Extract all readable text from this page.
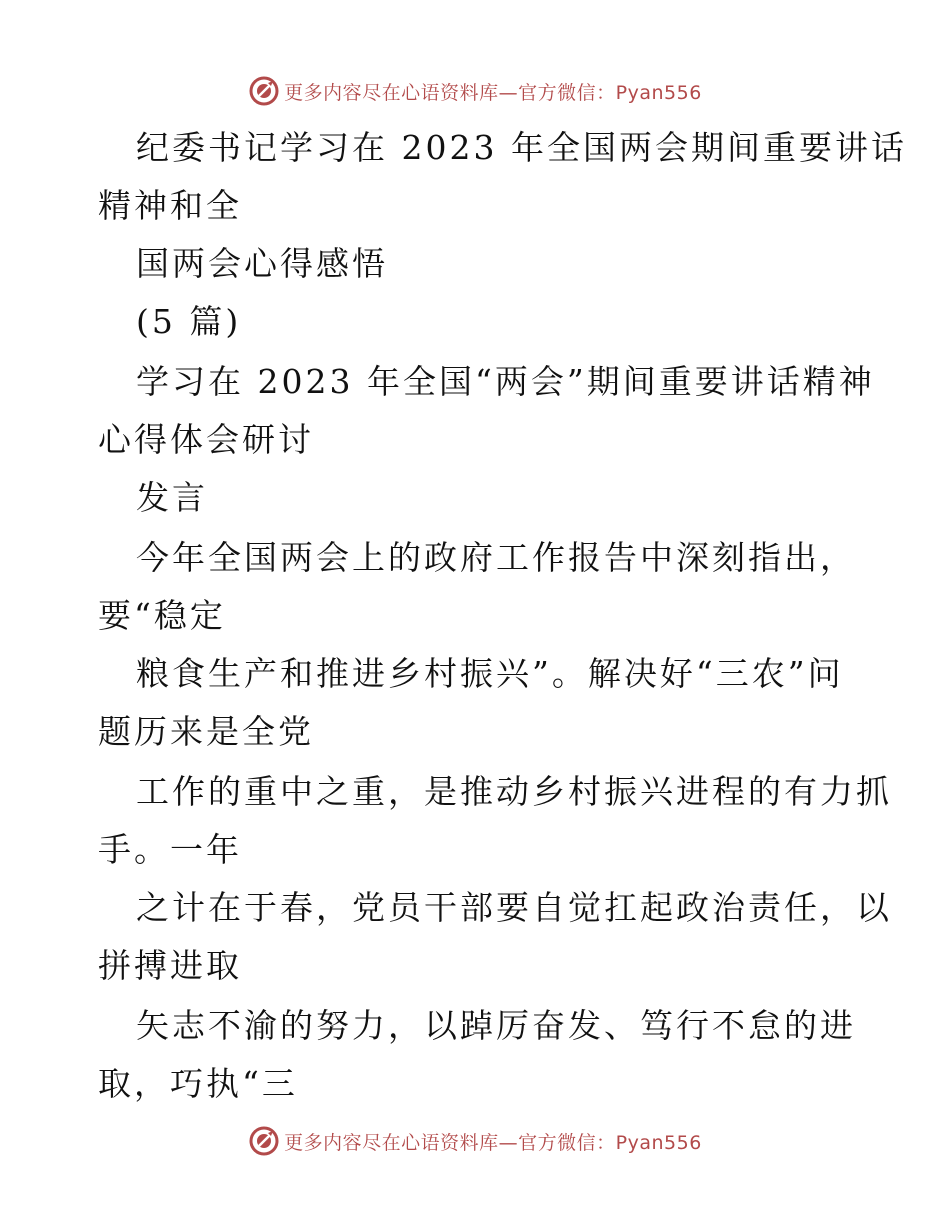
更多内容尽在心语资料库—官方微信：Pyan556
纪委书记学习在 2023 年全国两会期间重要讲话
精神和全
国两会心得感悟
(5 篇)
学习在 2023 年全国“两会”期间重要讲话精神
心得体会研讨
发言
今年全国两会上的政府工作报告中深刻指出，
要“稳定
粮食生产和推进乡村振兴”。解决好“三农”问
题历来是全党
工作的重中之重，是推动乡村振兴进程的有力抓
手。一年
之计在于春，党员干部要自觉扛起政治责任，以
拼搏进取
矢志不渝的努力，以踔厉奋发、笃行不怠的进
取，巧执“三
更多内容尽在心语资料库—官方微信：Pyan556
